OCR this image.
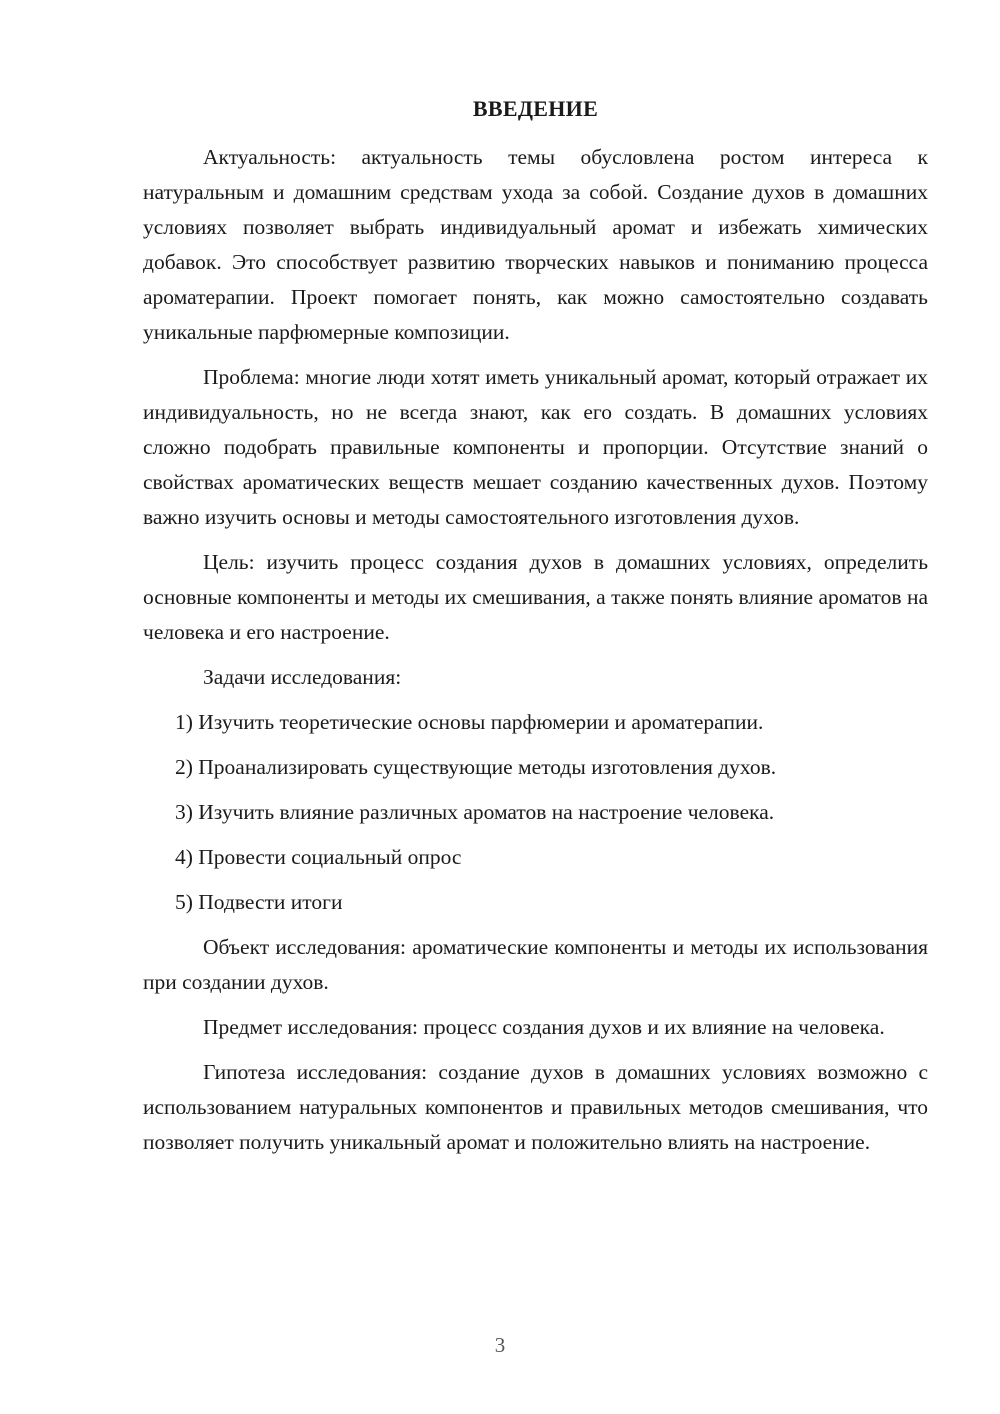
ВВЕДЕНИЕ

Актуальность: актуальность темы обусловлена ростом интереса к натуральным и домашним средствам ухода за собой. Создание духов в домашних условиях позволяет выбрать индивидуальный аромат и избежать химических добавок. Это способствует развитию творческих навыков и пониманию процесса ароматерапии. Проект помогает понять, как можно самостоятельно создавать уникальные парфюмерные композиции.

Проблема: многие люди хотят иметь уникальный аромат, который отражает их индивидуальность, но не всегда знают, как его создать. В домашних условиях сложно подобрать правильные компоненты и пропорции. Отсутствие знаний о свойствах ароматических веществ мешает созданию качественных духов. Поэтому важно изучить основы и методы самостоятельного изготовления духов.

Цель: изучить процесс создания духов в домашних условиях, определить основные компоненты и методы их смешивания, а также понять влияние ароматов на человека и его настроение.

Задачи исследования:

1) Изучить теоретические основы парфюмерии и ароматерапии.

2) Проанализировать существующие методы изготовления духов.

3) Изучить влияние различных ароматов на настроение человека.

4) Провести социальный опрос

5) Подвести итоги

Объект исследования: ароматические компоненты и методы их использования при создании духов.

Предмет исследования: процесс создания духов и их влияние на человека.

Гипотеза исследования: создание духов в домашних условиях возможно с использованием натуральных компонентов и правильных методов смешивания, что позволяет получить уникальный аромат и положительно влиять на настроение.

3
